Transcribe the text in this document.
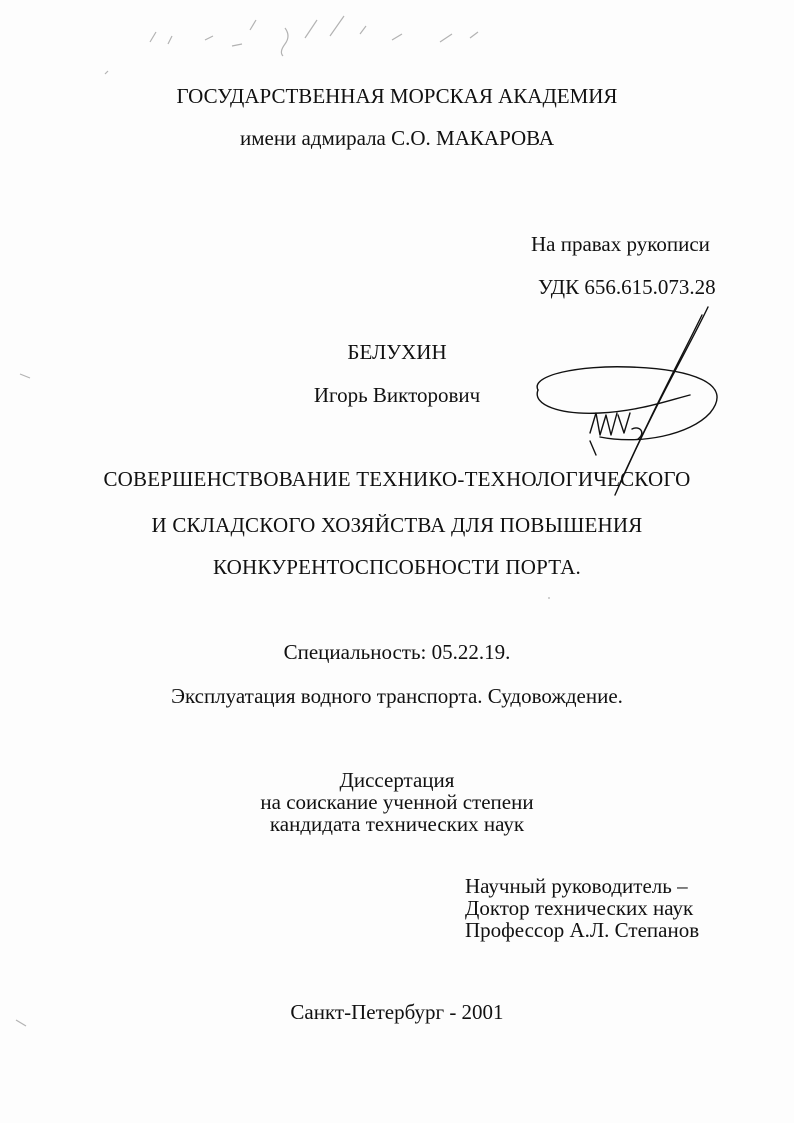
ГОСУДАРСТВЕННАЯ МОРСКАЯ АКАДЕМИЯ
имени адмирала С.О. МАКАРОВА
На правах рукописи
УДК 656.615.073.28
БЕЛУХИН
Игорь Викторович
СОВЕРШЕНСТВОВАНИЕ ТЕХНИКО-ТЕХНОЛОГИЧЕСКОГО
И СКЛАДСКОГО ХОЗЯЙСТВА ДЛЯ ПОВЫШЕНИЯ
КОНКУРЕНТОСПСОБНОСТИ ПОРТА.
Специальность: 05.22.19.
Эксплуатация водного транспорта. Судовождение.
Диссертация
на соискание ученной степени
кандидата технических наук
Научный руководитель –
Доктор технических наук
Профессор А.Л. Степанов
Санкт-Петербург - 2001
